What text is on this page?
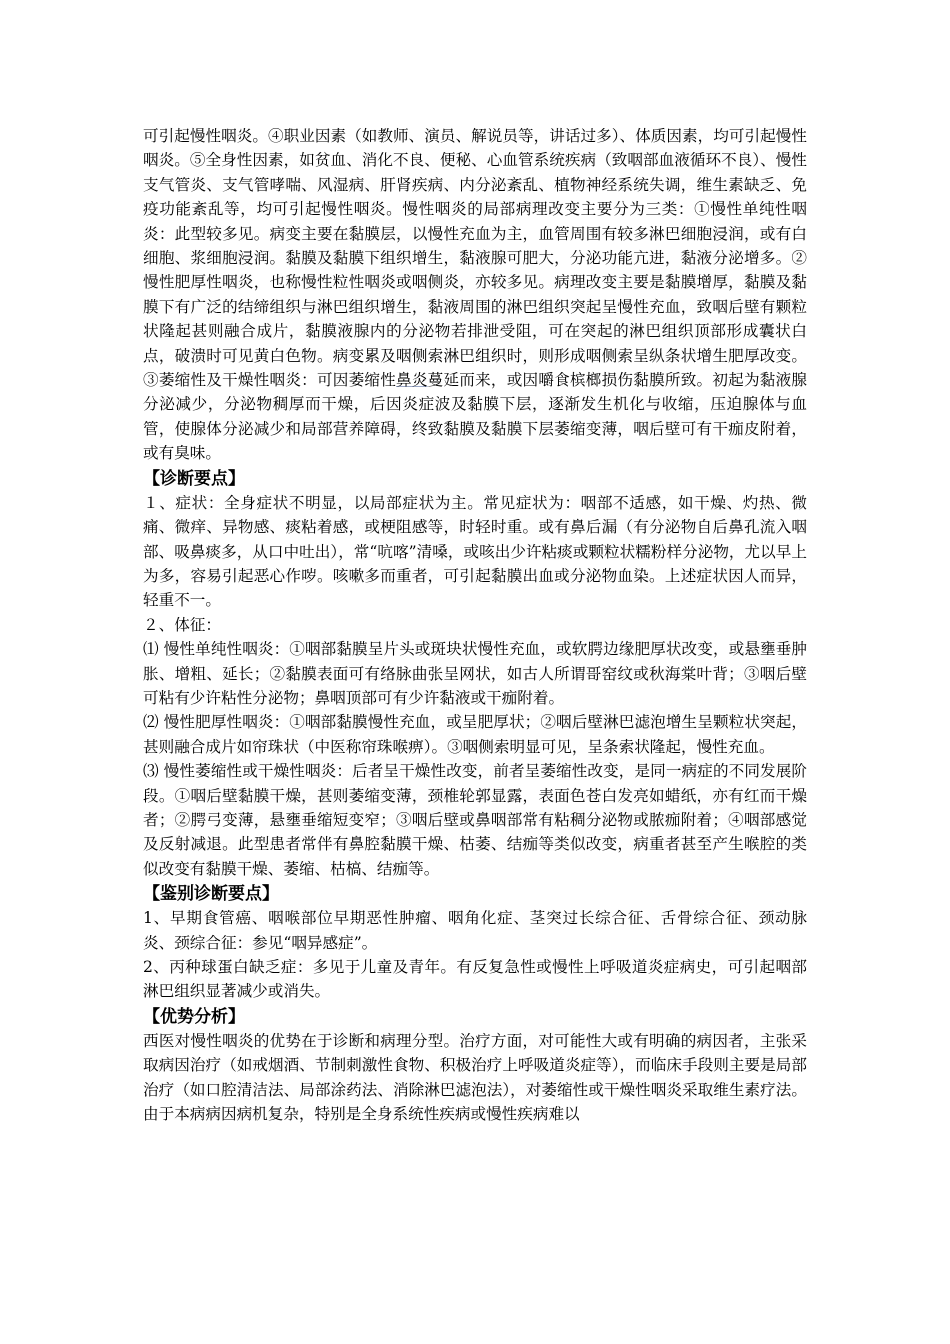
可引起慢性咽炎。④职业因素（如教师、演员、解说员等，讲话过多）、体质因素，均可引起慢性咽炎。⑤全身性因素，如贫血、消化不良、便秘、心血管系统疾病（致咽部血液循环不良）、慢性支气管炎、支气管哮喘、风湿病、肝肾疾病、内分泌紊乱、植物神经系统失调，维生素缺乏、免疫功能紊乱等，均可引起慢性咽炎。慢性咽炎的局部病理改变主要分为三类：①慢性单纯性咽炎：此型较多见。病变主要在黏膜层，以慢性充血为主，血管周围有较多淋巴细胞浸润，或有白细胞、浆细胞浸润。黏膜及黏膜下组织增生，黏液腺可肥大，分泌功能亢进，黏液分泌增多。②慢性肥厚性咽炎，也称慢性粒性咽炎或咽侧炎，亦较多见。病理改变主要是黏膜增厚，黏膜及黏膜下有广泛的结缔组织与淋巴组织增生，黏液周围的淋巴组织突起呈慢性充血，致咽后壁有颗粒状隆起甚则融合成片，黏膜液腺内的分泌物若排泄受阻，可在突起的淋巴组织顶部形成囊状白点，破溃时可见黄白色物。病变累及咽侧索淋巴组织时，则形成咽侧索呈纵条状增生肥厚改变。③萎缩性及干燥性咽炎：可因萎缩性鼻炎蔓延而来，或因嚼食槟榔损伤黏膜所致。初起为黏液腺分泌减少，分泌物稠厚而干燥，后因炎症波及黏膜下层，逐渐发生机化与收缩，压迫腺体与血管，使腺体分泌减少和局部营养障碍，终致黏膜及黏膜下层萎缩变薄，咽后壁可有干痂皮附着，或有臭味。

【诊断要点】

１、症状：全身症状不明显，以局部症状为主。常见症状为：咽部不适感，如干燥、灼热、微痛、微痒、异物感、痰粘着感，或梗阻感等，时轻时重。或有鼻后漏（有分泌物自后鼻孔流入咽部、吸鼻痰多，从口中吐出），常“吭喀”清嗓，或咳出少许粘痰或颗粒状糯粉样分泌物，尤以早上为多，容易引起恶心作哕。咳嗽多而重者，可引起黏膜出血或分泌物血染。上述症状因人而异，轻重不一。

２、体征：

⑴ 慢性单纯性咽炎：①咽部黏膜呈片头或斑块状慢性充血，或软腭边缘肥厚状改变，或悬壅垂肿胀、增粗、延长；②黏膜表面可有络脉曲张呈网状，如古人所谓哥窑纹或秋海棠叶背；③咽后壁可粘有少许粘性分泌物；鼻咽顶部可有少许黏液或干痂附着。

⑵ 慢性肥厚性咽炎：①咽部黏膜慢性充血，或呈肥厚状；②咽后壁淋巴滤泡增生呈颗粒状突起，甚则融合成片如帘珠状（中医称帘珠喉痹）。③咽侧索明显可见，呈条索状隆起，慢性充血。

⑶ 慢性萎缩性或干燥性咽炎：后者呈干燥性改变，前者呈萎缩性改变，是同一病症的不同发展阶段。①咽后壁黏膜干燥，甚则萎缩变薄，颈椎轮郭显露，表面色苍白发亮如蜡纸，亦有红而干燥者；②腭弓变薄，悬壅垂缩短变窄；③咽后壁或鼻咽部常有粘稠分泌物或脓痂附着；④咽部感觉及反射减退。此型患者常伴有鼻腔黏膜干燥、枯萎、结痂等类似改变，病重者甚至产生喉腔的类似改变有黏膜干燥、萎缩、枯槁、结痂等。

【鉴别诊断要点】

1、早期食管癌、咽喉部位早期恶性肿瘤、咽角化症、茎突过长综合征、舌骨综合征、颈动脉炎、颈综合征：参见“咽异感症”。

2、丙种球蛋白缺乏症：多见于儿童及青年。有反复急性或慢性上呼吸道炎症病史，可引起咽部淋巴组织显著减少或消失。

【优势分析】

西医对慢性咽炎的优势在于诊断和病理分型。治疗方面，对可能性大或有明确的病因者，主张采取病因治疗（如戒烟酒、节制刺激性食物、积极治疗上呼吸道炎症等），而临床手段则主要是局部治疗（如口腔清洁法、局部涂药法、消除淋巴滤泡法），对萎缩性或干燥性咽炎采取维生素疗法。由于本病病因病机复杂，特别是全身系统性疾病或慢性疾病难以
